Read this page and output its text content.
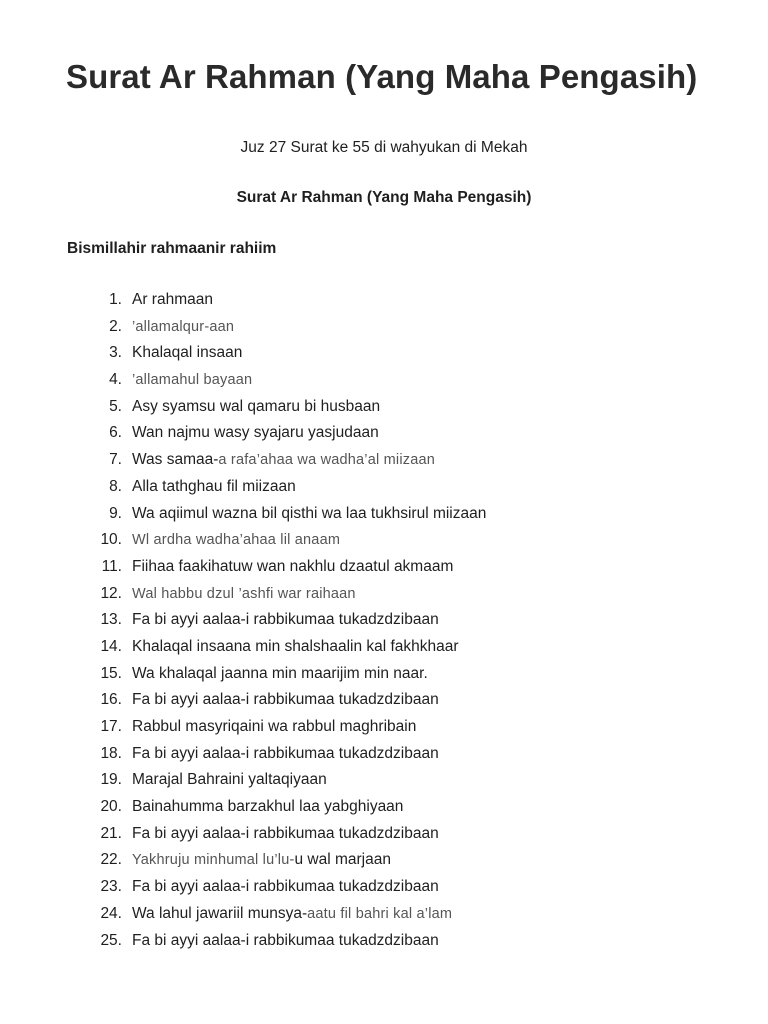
Surat Ar Rahman (Yang Maha Pengasih)
Juz 27 Surat ke 55 di wahyukan di Mekah
Surat Ar Rahman (Yang Maha Pengasih)
Bismillahir rahmaanir rahiim
1. Ar rahmaan
2. ’allamalqur-aan
3. Khalaqal insaan
4. ’allamahul bayaan
5. Asy syamsu wal qamaru bi husbaan
6. Wan najmu wasy syajaru yasjudaan
7. Was samaa-a rafa’ahaa wa wadha’al miizaan
8. Alla tathghau fil miizaan
9. Wa aqiimul wazna bil qisthi wa laa tukhsirul miizaan
10. Wl ardha wadha’ahaa lil anaam
11. Fiihaa faakihatuw wan nakhlu dzaatul akmaam
12. Wal habbu dzul ’ashfi war raihaan
13. Fa bi ayyi aalaa-i rabbikumaa tukadzdzibaan
14. Khalaqal insaana min shalshaalin kal fakhkhaar
15. Wa khalaqal jaanna min maarijim min naar.
16. Fa bi ayyi aalaa-i rabbikumaa tukadzdzibaan
17. Rabbul masyriqaini wa rabbul maghribain
18. Fa bi ayyi aalaa-i rabbikumaa tukadzdzibaan
19. Marajal Bahraini yaltaqiyaan
20. Bainahumma barzakhul laa yabghiyaan
21. Fa bi ayyi aalaa-i rabbikumaa tukadzdzibaan
22. Yakhruju minhumal lu’lu-u wal marjaan
23. Fa bi ayyi aalaa-i rabbikumaa tukadzdzibaan
24. Wa lahul jawariil munsya-aatu fil bahri kal a’lam
25. Fa bi ayyi aalaa-i rabbikumaa tukadzdzibaan
